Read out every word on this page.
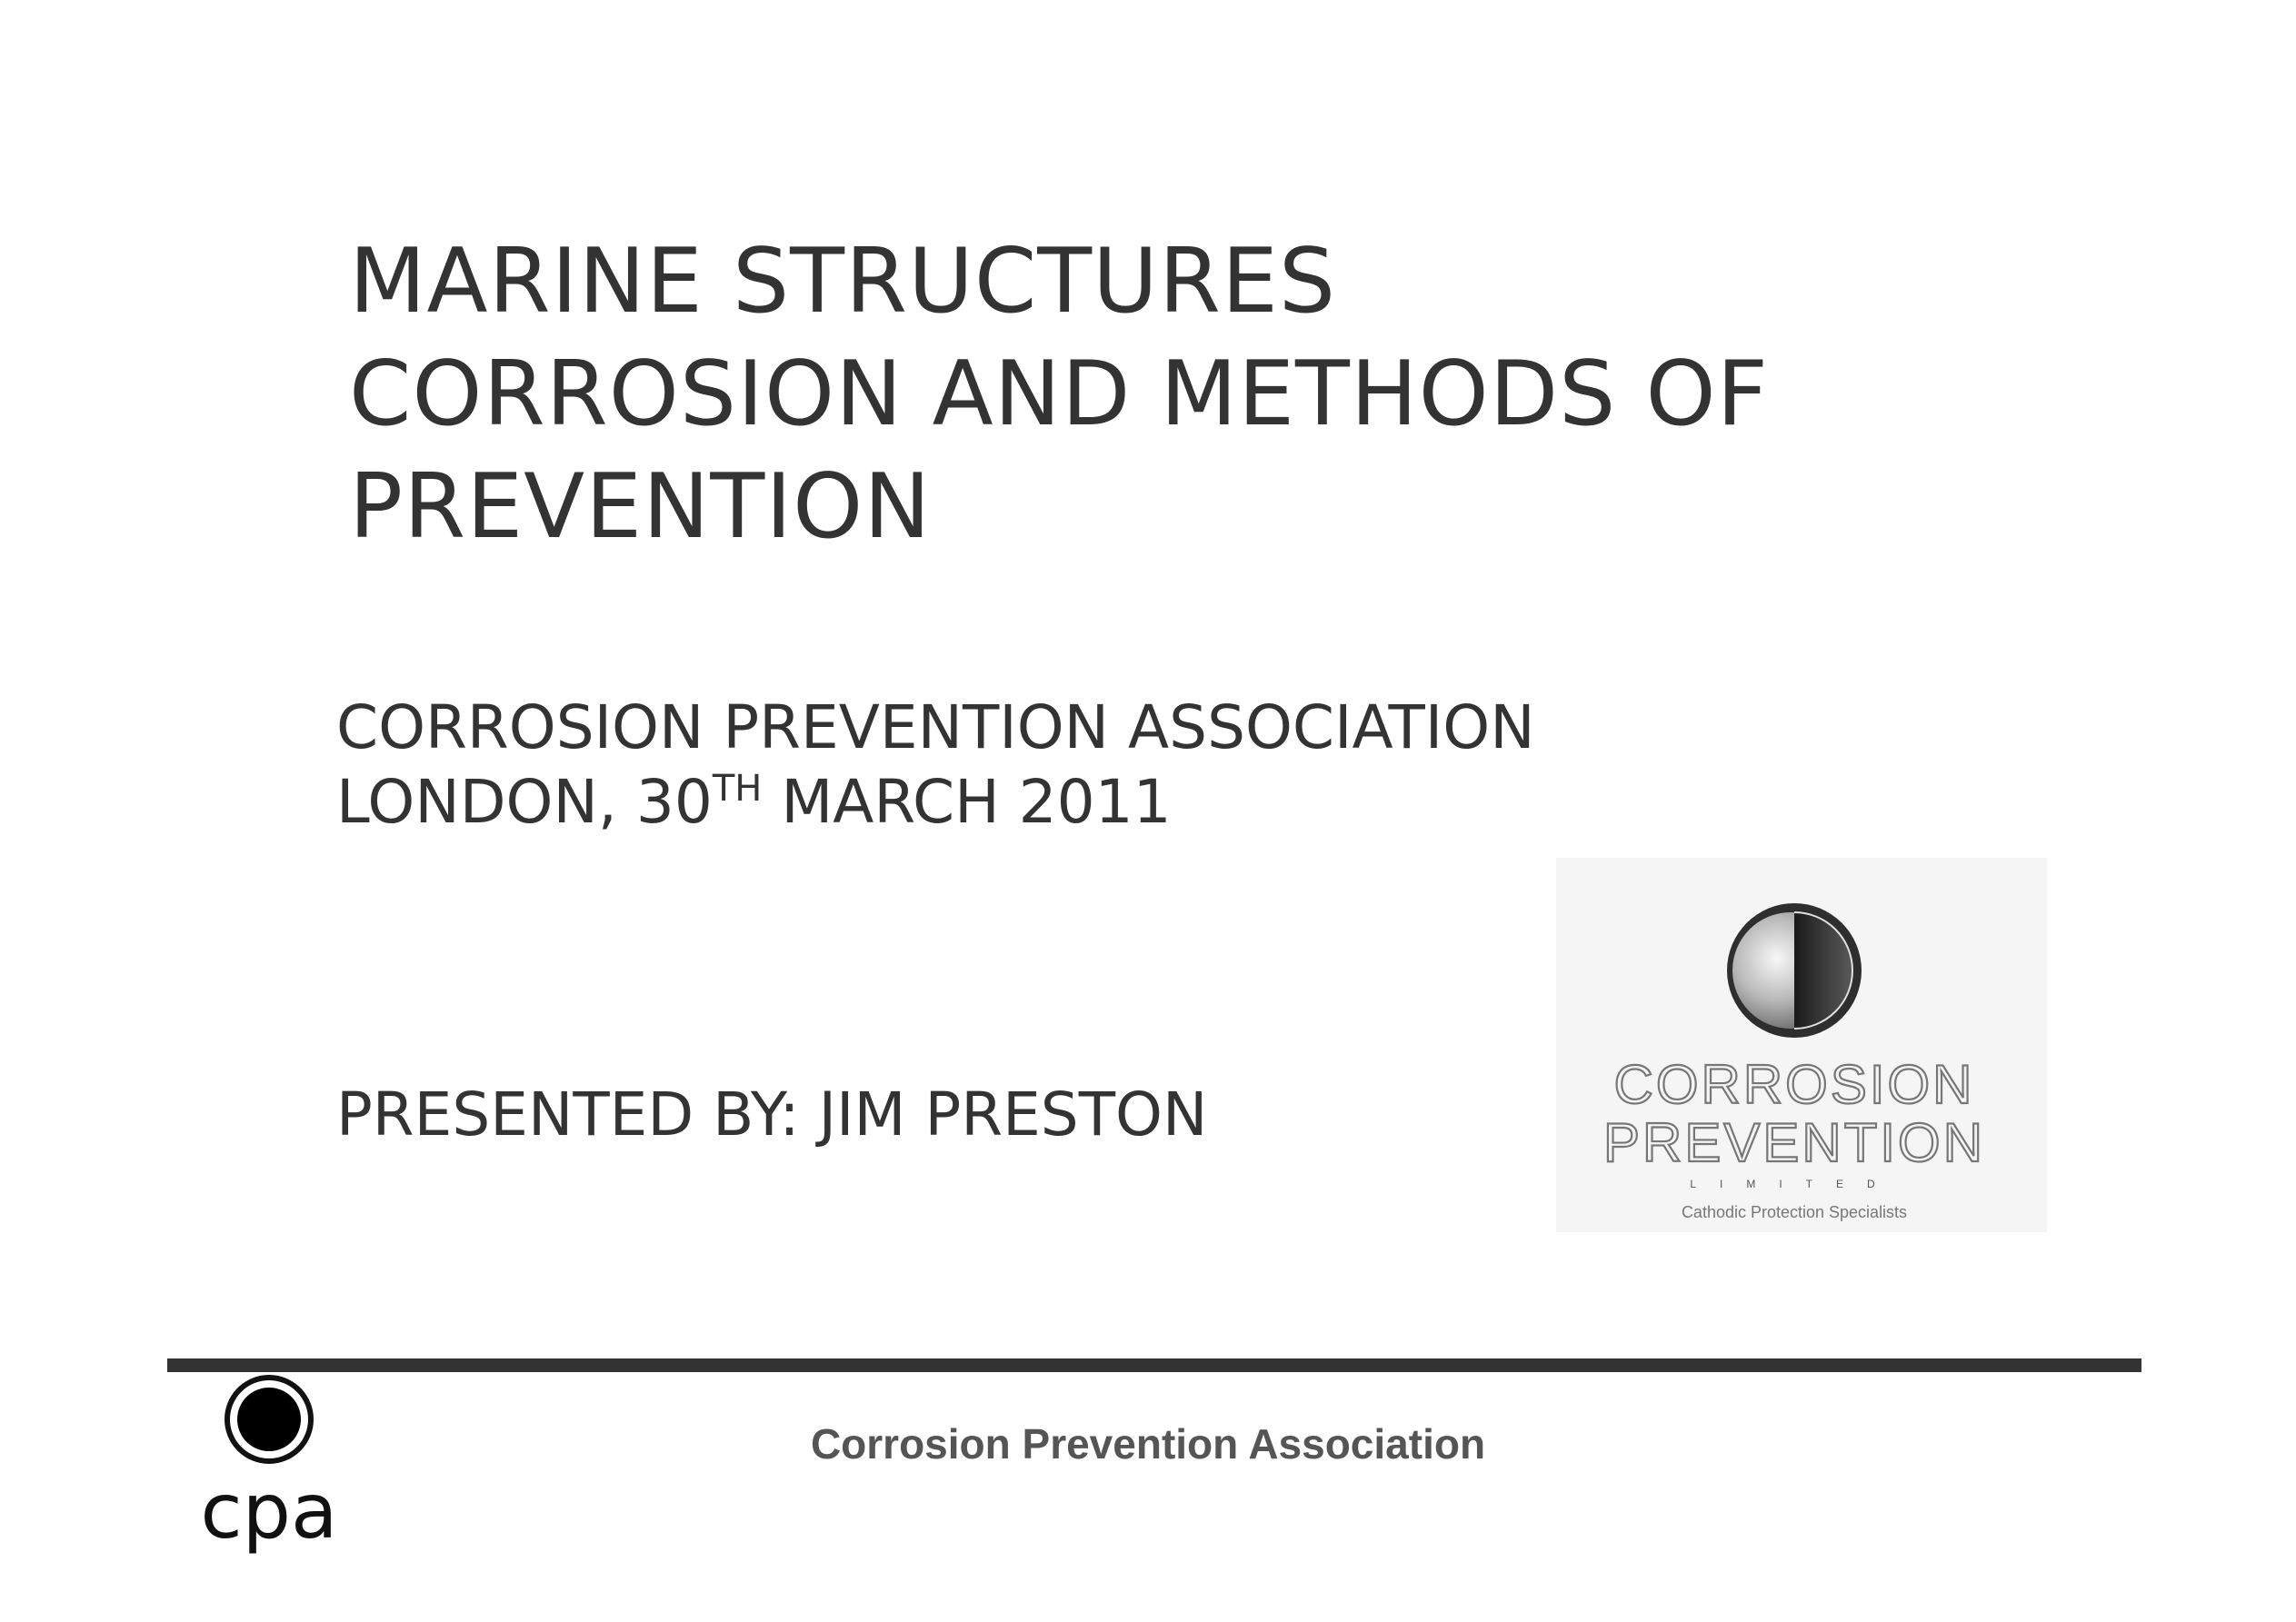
MARINE STRUCTURES
CORROSION AND METHODS OF
PREVENTION
CORROSION PREVENTION ASSOCIATION
LONDON, 30TH MARCH 2011
PRESENTED BY: JIM PRESTON	CORROSION
PREVENTION
LIMITED
Cathodic Protection Specialists
cpa
Corrosion Prevention Association
